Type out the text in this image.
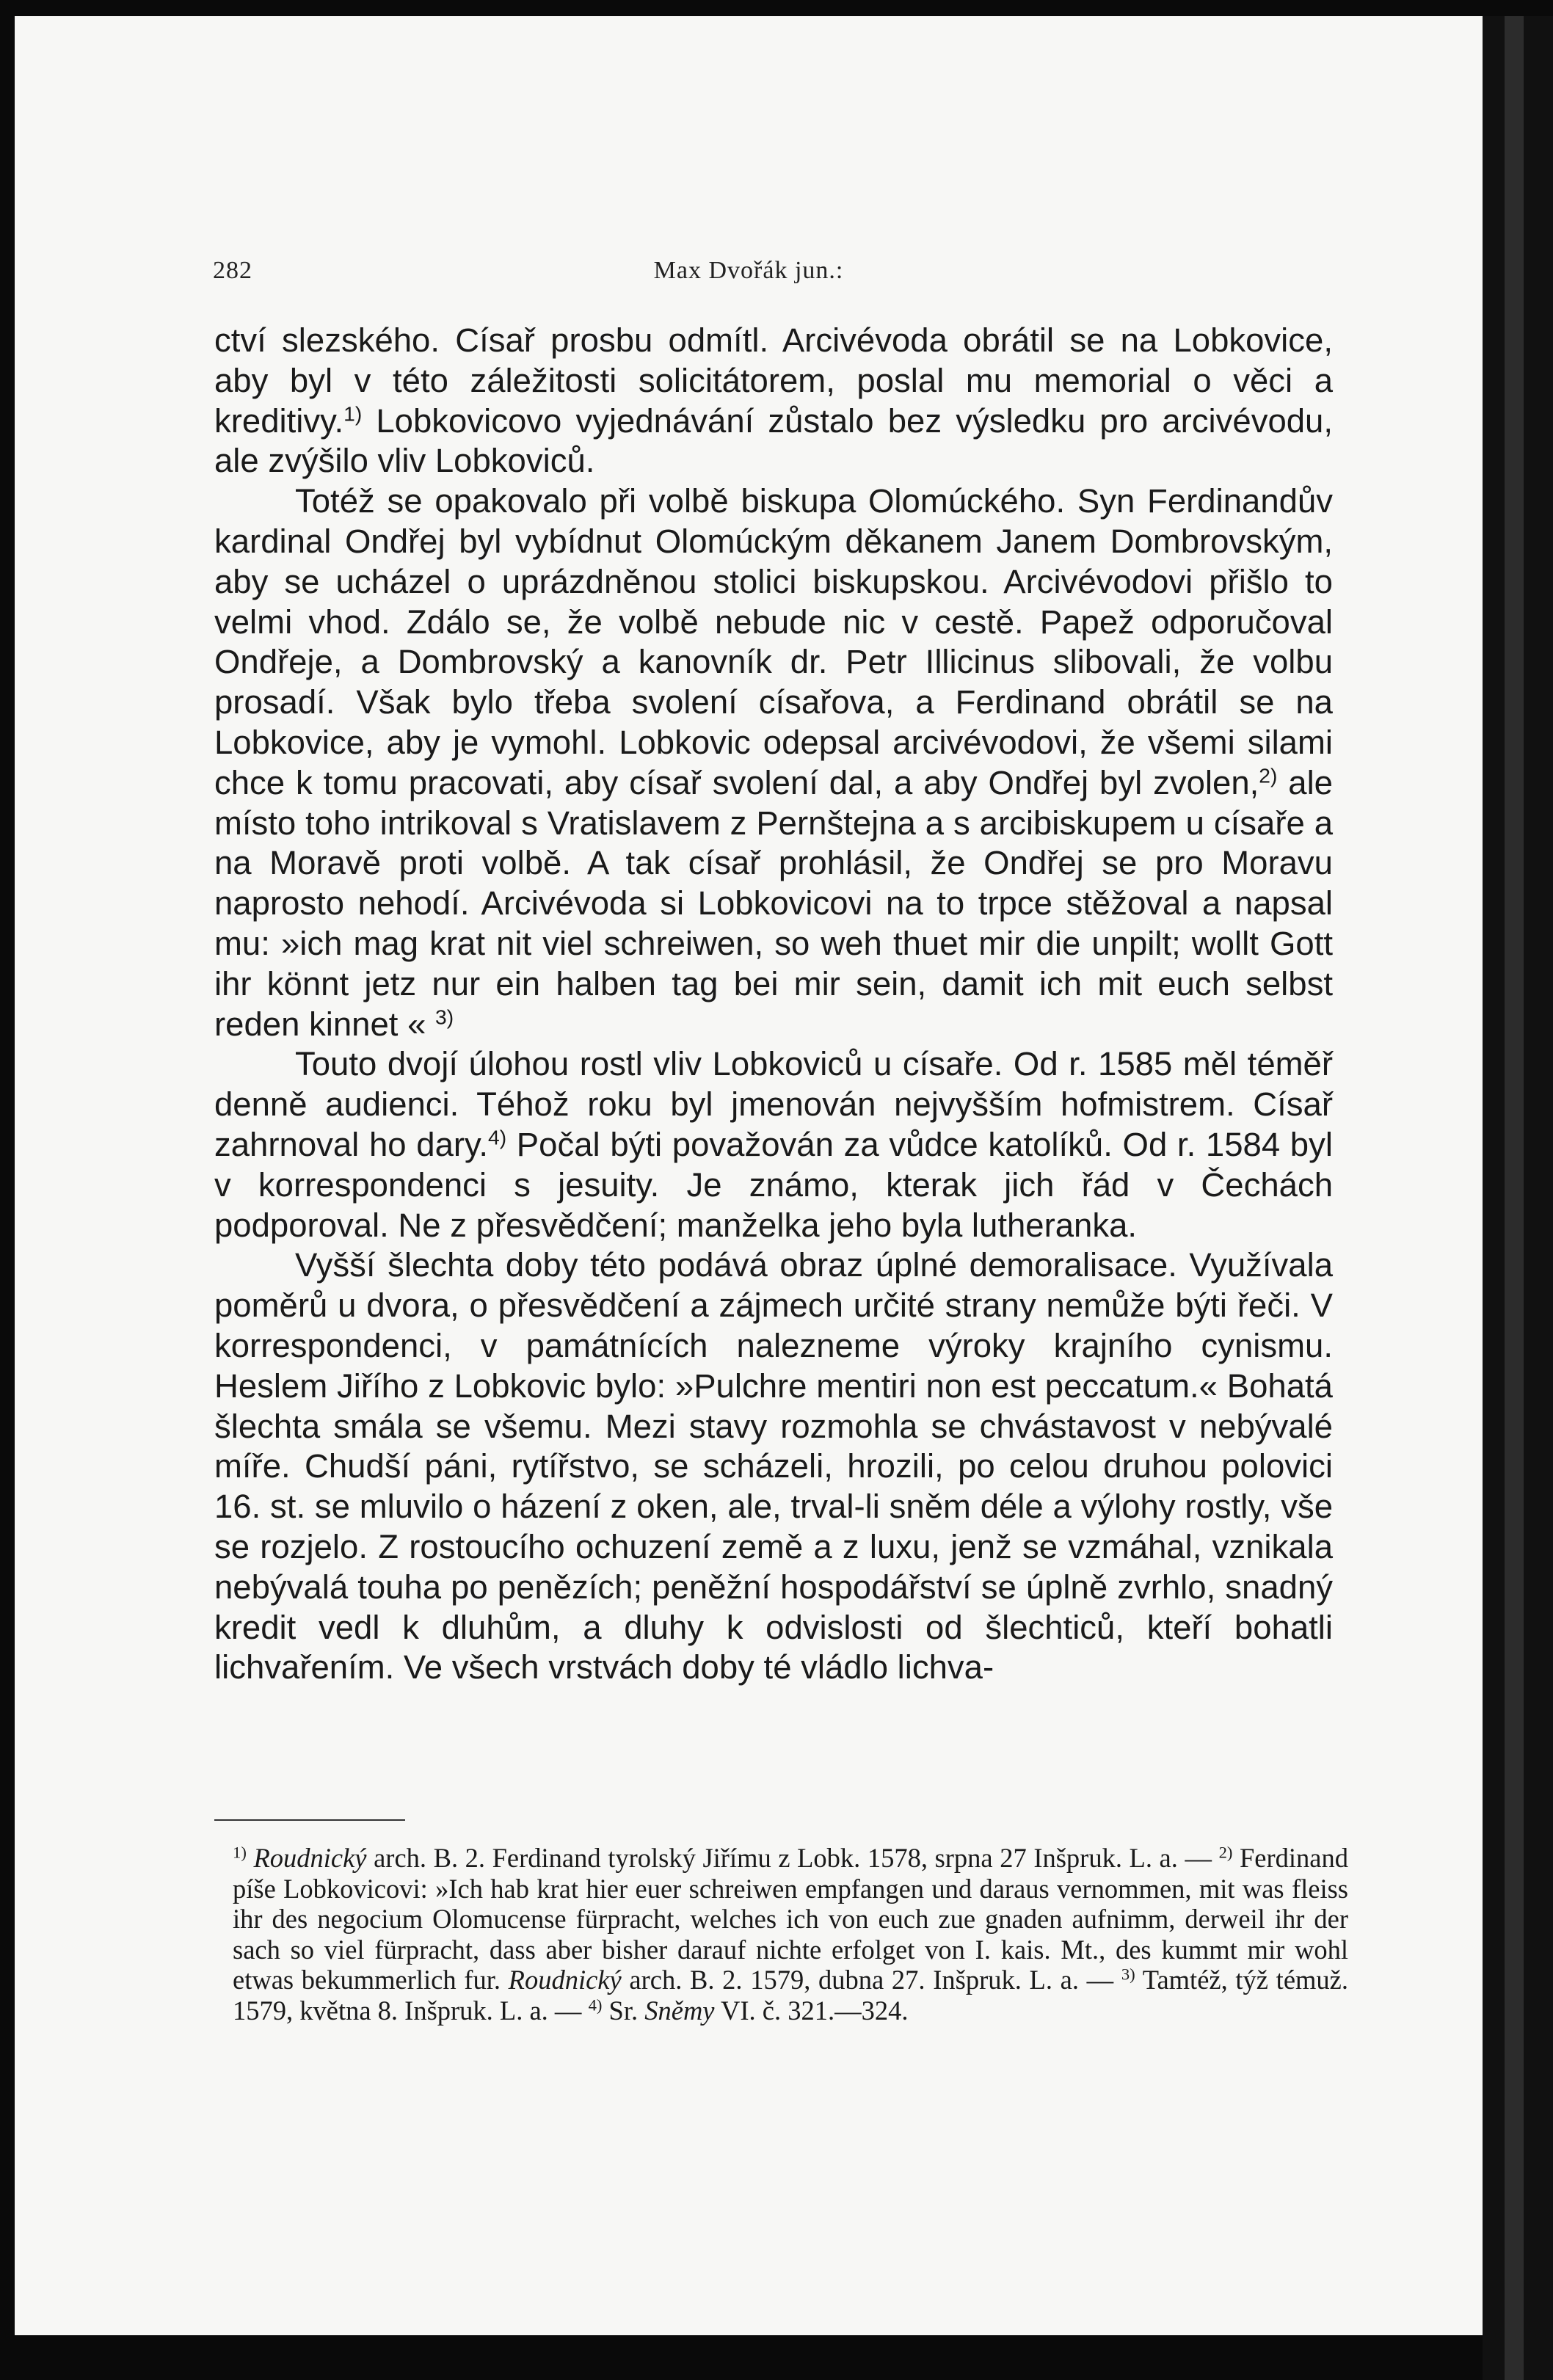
282	Max Dvořák jun.:

ctví slezského. Císař prosbu odmítl. Arcivévoda obrátil se na Lobkovice, aby byl v této záležitosti solicitátorem, poslal mu memorial o věci a kreditivy.$^{1)}$ Lobkovicovo vyjednávání zůstalo bez výsledku pro arcivévodu, ale zvýšilo vliv Lobkoviců.

Totéž se opakovalo při volbě biskupa Olomúckého. Syn Ferdinandův kardinal Ondřej byl vybídnut Olomúckým děkanem Janem Dombrovským, aby se ucházel o uprázdněnou stolici biskupskou. Arcivévodovi přišlo to velmi vhod. Zdálo se, že volbě nebude nic v cestě. Papež odporučoval Ondřeje, a Dombrovský a kanovník dr. Petr Illicinus slibovali, že volbu prosadí. Však bylo třeba svolení císařova, a Ferdinand obrátil se na Lobkovice, aby je vymohl. Lobkovic odepsal arcivévodovi, že všemi silami chce k tomu pracovati, aby císař svolení dal, a aby Ondřej byl zvolen,$^{2)}$ ale místo toho intrikoval s Vratislavem z Pernštejna a s arcibiskupem u císaře a na Moravě proti volbě. A tak císař prohlásil, že Ondřej se pro Moravu naprosto nehodí. Arcivévoda si Lobkovicovi na to trpce stěžoval a napsal mu: »ich mag krat nit viel schreiwen, so weh thuet mir die unpilt; wollt Gott ihr könnt jetz nur ein halben tag bei mir sein, damit ich mit euch selbst reden kinnet « $^{3)}$

Touto dvojí úlohou rostl vliv Lobkoviců u císaře. Od r. 1585 měl téměř denně audienci. Téhož roku byl jmenován nejvyšším hofmistrem. Císař zahrnoval ho dary.$^{4)}$ Počal býti považován za vůdce katolíků. Od r. 1584 byl v korrespondenci s jesuity. Je známo, kterak jich řád v Čechách podporoval. Ne z přesvědčení; manželka jeho byla lutheranka.

Vyšší šlechta doby této podává obraz úplné demoralisace. Využívala poměrů u dvora, o přesvědčení a zájmech určité strany nemůže býti řeči. V korrespondenci, v památnících nalezneme výroky krajního cynismu. Heslem Jiřího z Lobkovic bylo: »Pulchre mentiri non est peccatum.« Bohatá šlechta smála se všemu. Mezi stavy rozmohla se chvástavost v nebývalé míře. Chudší páni, rytířstvo, se scházeli, hrozili, po celou druhou polovici 16. st. se mluvilo o házení z oken, ale, trval-li sněm déle a výlohy rostly, vše se rozjelo. Z rostoucího ochuzení země a z luxu, jenž se vzmáhal, vznikala nebývalá touha po penězích; peněžní hospodářství se úplně zvrhlo, snadný kredit vedl k dluhům, a dluhy k odvislosti od šlechticů, kteří bohatli lichvařením. Ve všech vrstvách doby té vládlo lichva-

$^{1)}$ Roudnický arch. B. 2. Ferdinand tyrolský Jiřímu z Lobk. 1578, srpna 27 Inšpruk. L. a. — $^{2)}$ Ferdinand píše Lobkovicovi: »Ich hab krat hier euer schreiwen empfangen und daraus vernommen, mit was fleiss ihr des negocium Olomucense fürpracht, welches ich von euch zue gnaden aufnimm, derweil ihr der sach so viel fürpracht, dass aber bisher darauf nichte erfolget von I. kais. Mt., des kummt mir wohl etwas bekummerlich fur. Roudnický arch. B. 2. 1579, dubna 27. Inšpruk. L. a. — $^{3)}$ Tamtéž, týž témuž. 1579, května 8. Inšpruk. L. a. — $^{4)}$ Sr. Sněmy VI. č. 321.—324.
